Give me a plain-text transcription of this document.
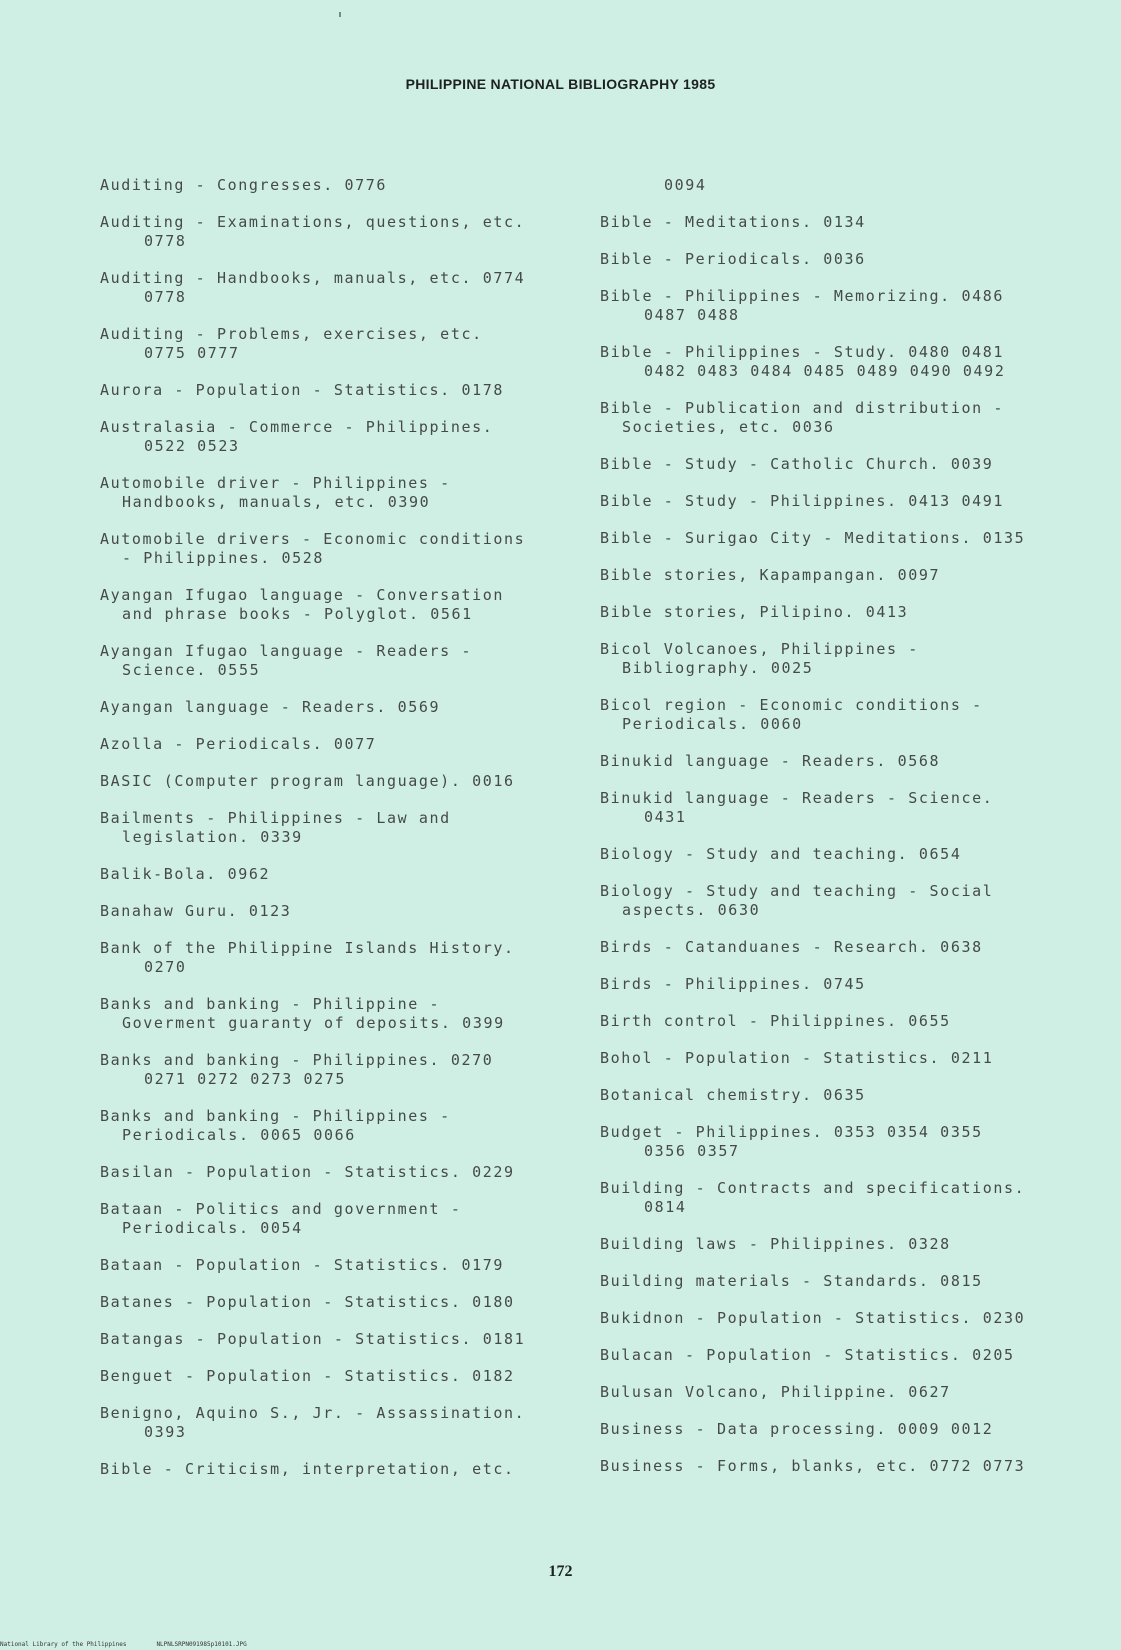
PHILIPPINE NATIONAL BIBLIOGRAPHY 1985
Auditing - Congresses. 0776
Auditing - Examinations, questions, etc.
0778
Auditing - Handbooks, manuals, etc. 0774
0778
Auditing - Problems, exercises, etc.
0775 0777
Aurora - Population - Statistics. 0178
Australasia - Commerce - Philippines.
0522 0523
Automobile driver - Philippines -
Handbooks, manuals, etc. 0390
Automobile drivers - Economic conditions
- Philippines. 0528
Ayangan Ifugao language - Conversation
and phrase books - Polyglot. 0561
Ayangan Ifugao language - Readers -
Science. 0555
Ayangan language - Readers. 0569
Azolla - Periodicals. 0077
BASIC (Computer program language). 0016
Bailments - Philippines - Law and
legislation. 0339
Balik-Bola. 0962
Banahaw Guru. 0123
Bank of the Philippine Islands History.
0270
Banks and banking - Philippine -
Goverment guaranty of deposits. 0399
Banks and banking - Philippines. 0270
0271 0272 0273 0275
Banks and banking - Philippines -
Periodicals. 0065 0066
Basilan - Population - Statistics. 0229
Bataan - Politics and government -
Periodicals. 0054
Bataan - Population - Statistics. 0179
Batanes - Population - Statistics. 0180
Batangas - Population - Statistics. 0181
Benguet - Population - Statistics. 0182
Benigno, Aquino S., Jr. - Assassination.
0393
Bible - Criticism, interpretation, etc.
0094
Bible - Meditations. 0134
Bible - Periodicals. 0036
Bible - Philippines - Memorizing. 0486
0487 0488
Bible - Philippines - Study. 0480 0481
0482 0483 0484 0485 0489 0490 0492
Bible - Publication and distribution -
Societies, etc. 0036
Bible - Study - Catholic Church. 0039
Bible - Study - Philippines. 0413 0491
Bible - Surigao City - Meditations. 0135
Bible stories, Kapampangan. 0097
Bible stories, Pilipino. 0413
Bicol Volcanoes, Philippines -
Bibliography. 0025
Bicol region - Economic conditions -
Periodicals. 0060
Binukid language - Readers. 0568
Binukid language - Readers - Science.
0431
Biology - Study and teaching. 0654
Biology - Study and teaching - Social
aspects. 0630
Birds - Catanduanes - Research. 0638
Birds - Philippines. 0745
Birth control - Philippines. 0655
Bohol - Population - Statistics. 0211
Botanical chemistry. 0635
Budget - Philippines. 0353 0354 0355
0356 0357
Building - Contracts and specifications.
0814
Building laws - Philippines. 0328
Building materials - Standards. 0815
Bukidnon - Population - Statistics. 0230
Bulacan - Population - Statistics. 0205
Bulusan Volcano, Philippine. 0627
Business - Data processing. 0009 0012
Business - Forms, blanks, etc. 0772 0773
172
National Library of the Philippines	NLPNLSRPN091985p10101.JPG
